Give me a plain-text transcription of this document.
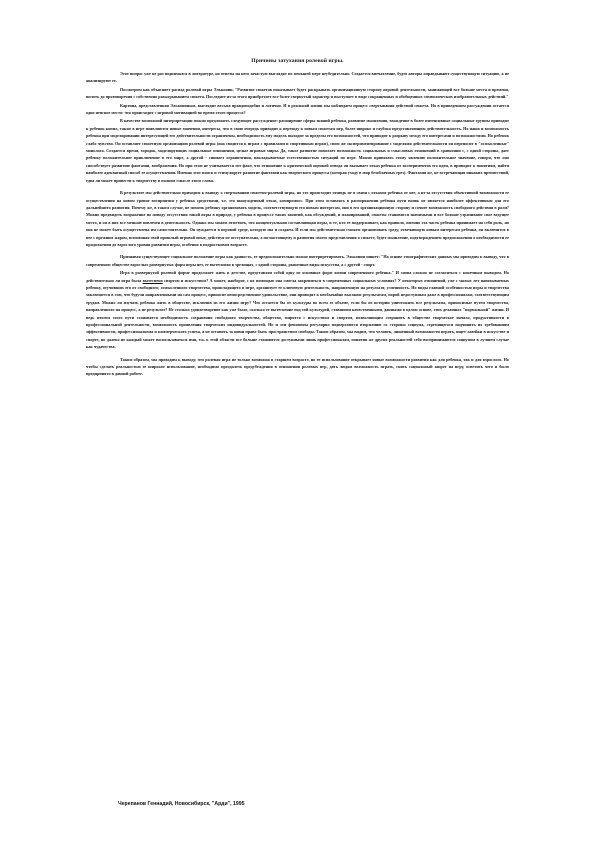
Причины затухания ролевой игры.

Этот вопрос уже не раз поднимался в литературе, но ответы на него зачастую выглядят по меньшей мере неубедительно. Создается впечатление, будто авторы оправдывают существующую ситуацию, а не анализируют ее.

Посмотрим как объясняет распад ролевой игры Эльконин. "Развитие сюжетов показывает будет раскрывать организационную сторону игровой деятельности, занимающей все больше места и времени, вплоть до противоречия с собственно разыгрыванием сюжета. Последнее из-за этого приобретает все более свернутый характер и выступает в виде сокращенных и обобщенных символических изобразительных действий."

Картина, представленная Элькониным, выглядит весьма правдоподобно и логично. И в реальной жизни мы наблюдаем процесс свертывания действий сюжета. Но в приведенном рассуждении остается одно неясное место: что происходит с игровой мотивацией во время этого процесса?

В качестве возможной интерпретации можно предложить следующее рассуждение: расширение сферы знаний ребенка, развитие мышления, вхождение в более интенсивные социальные группы приводит к ребенок копил, также в игре появляются новые значения, интересы, что в свою очередь приводит к переходу к новым сюжетам игр, более широко и глубоко представляющим действительность. Но наша и возможность ребенка при моделировании интересующей его действительности ограничены, необходимость ему модель выходит за пределы его возможностей, что приводит к разрыву между его интересами и возможностями. Но ребенок слабо чувство. Он оставляет сюжетную организацию ролевой игры (она сводится к играм с правилами и спортивным играм), свою же экспериментирование с моделями действительности он переносит в "осмысленные" монолога. Создается время, городок, моделирующих социальные отношения, целые игровые миры. Да, такое развитие помогает возможность социальных и смысловых отношений в сравнении с, с одной стороны, дает ребенку положительное приключение в его мире, а другой - снимает ограничения, накладываемые естественностью ситуаций по игре. Можно привязать этому явлению положительное значение, говоря, что оно способствует развитию фантазии, воображения. Но при этом не учитывается тот факт, что отношение к критической оценкой отвода он вызывает отказ ребенка от экспериментов его идеи, в приводит к понятиям, найти наиболее адекватный способ ее осуществления. Именно этот поиск и стимулирует развитие фантазии как творческого процесса (которая уходу в мир безоблачных грез). Фантазия же, не встречающая никаких препятствий, едва ли может привести к творчеству в полном смысле этого слова.

В результате мы действительно приходим к выводу о свертывании сюжетно-ролевой игры, но это происходит отнюдь не в связи с отказом ребенка от нее, а из-за отсутствия объективной возможности ее осуществления на новом уровне восприятия у ребенка средствами, т.е. это вынужденный отказ, компромисс. При этом оставаясь в распоряжении ребенка пути вновь не является наиболее эффективным для его дальнейшего развития. Почему же, в таком случае, не помочь ребенку организовать модель, соответствующую его новым интересам, они в его организационную сторону и сочнее возможность свободного действия в роли? Можно предвидеть возражение по поводу отсутствия такой игры в природе, у ребенка в процессе таких занятий, как обсуждений, и планирований, сюжеты становятся значимыми и все больше утрачивают свое ведущее место, и он в них все меньше вовлечен в деятельность. Однако мы можем отметить, что концептуальная составляющая игры, и те, кто ее поддерживает, как правило, именно эта часть ребенка принимает на себя роль, но она не может быть осуществлена им самостоятельно. Он нуждается в игровой среде, которую мы и создаем. И если мы действительно сможем организовать среду, отвечающую новым интересам ребенка, он включится в нее с прежним жаром, вспоминая свой прошлый игровой опыт, действуя не отступательно, а по-настоящему и развития своего представления о сюжете, будет мышление, подтверждением предположения о необходимости ее продолжения до взрослого уровня развития игры, особенно в подростковом возрасте.

Признавая существующее социальное положение игры как данность, ее предположительно можно интерпретировать. Эльконин пишет: "На основе этнографических данных мы приходим к выводу, что в современном обществе взрослых развернутых форм игры нет, ее вытеснили в зрелищах, с одной стороны, рыночные виды искусства, а с другой - спорт.

Игра в развернутой ролевой форме продолжает жить в детстве, представляя собой одну из основных форм жизни современного ребенка." И снова сложно не согласиться с конечным выводом. Но действительно ли игра была вытеснена спортом и искусством? А может, наоборот, с их помощью она смогла закрепиться в современных социальных условиях? У некоторых отношений, уже с малых лет навязываемых ребенку, отучивших его от свободного, осмысленного творчества, происходящего в игре, организует ее ключевую деятельность, направленную на результат, успешность. Но виды главной особенностью игры и творчества заключается в том, что будучи направленными на сам процесс, приносят непосредственное удовольствие, они приводят к необычайно высоким результатам, порой недоступным даже в профессионалам, соответствующим трудам. Можно ли изучать ребенка жить в обществе, исключив из его жизни игру? Что остается бы от культуры во всем ее объеме, если бы из истории уничтожить все результаты, приносимые путем творчества, направленного на процесс, а не результат? Не столько удовлетворение как уже было, сколько ее вытеснение под той культурой, ставшими качественными, данными в целом основе, этих деланных "нормальной" жизни. И ведь итогом этого пути становятся необходимость сохранения свободного творчества, общество, мирятся с искусством и спортом, позволяющим сохранить в обществе творческое начало, продуктивности в профессиональной деятельности, возможность проявления творческих индивидуальностей. Но и эти феномены регулярно подвергаются вторжению со стороны социума, стремящегося подчинить их требованиям эффективности, профессионализма и коммерческого успеха, а не оставить за ними право быть пространством свободы. Таким образом, мы видим, что человек, лишенный возможности играть, ищет лазейки в искусстве и спорте, но далеко не каждый может воспользоваться ими, т.к. к этой области все больше становятся доступными лишь профессионалам, понятия же других реальностей себя воспринимаются социумом в лучшем случае как чудачества.

Таким образом, мы приходим к выводу, что ролевая игра не только возможна в старшем возрасте, но ее использование открывает новые возможности развития как для ребенка, так и для взрослого. Но чтобы сделать реальностью ее широкое использование, необходимо преодолеть предубеждения в отношении ролевых игр, дать людям возможность играть, снять социальный запрет на игру, осветить чего и было предпринято в данной работе.

Черепанов Геннадий, Новосибирск, "Арди", 1995
